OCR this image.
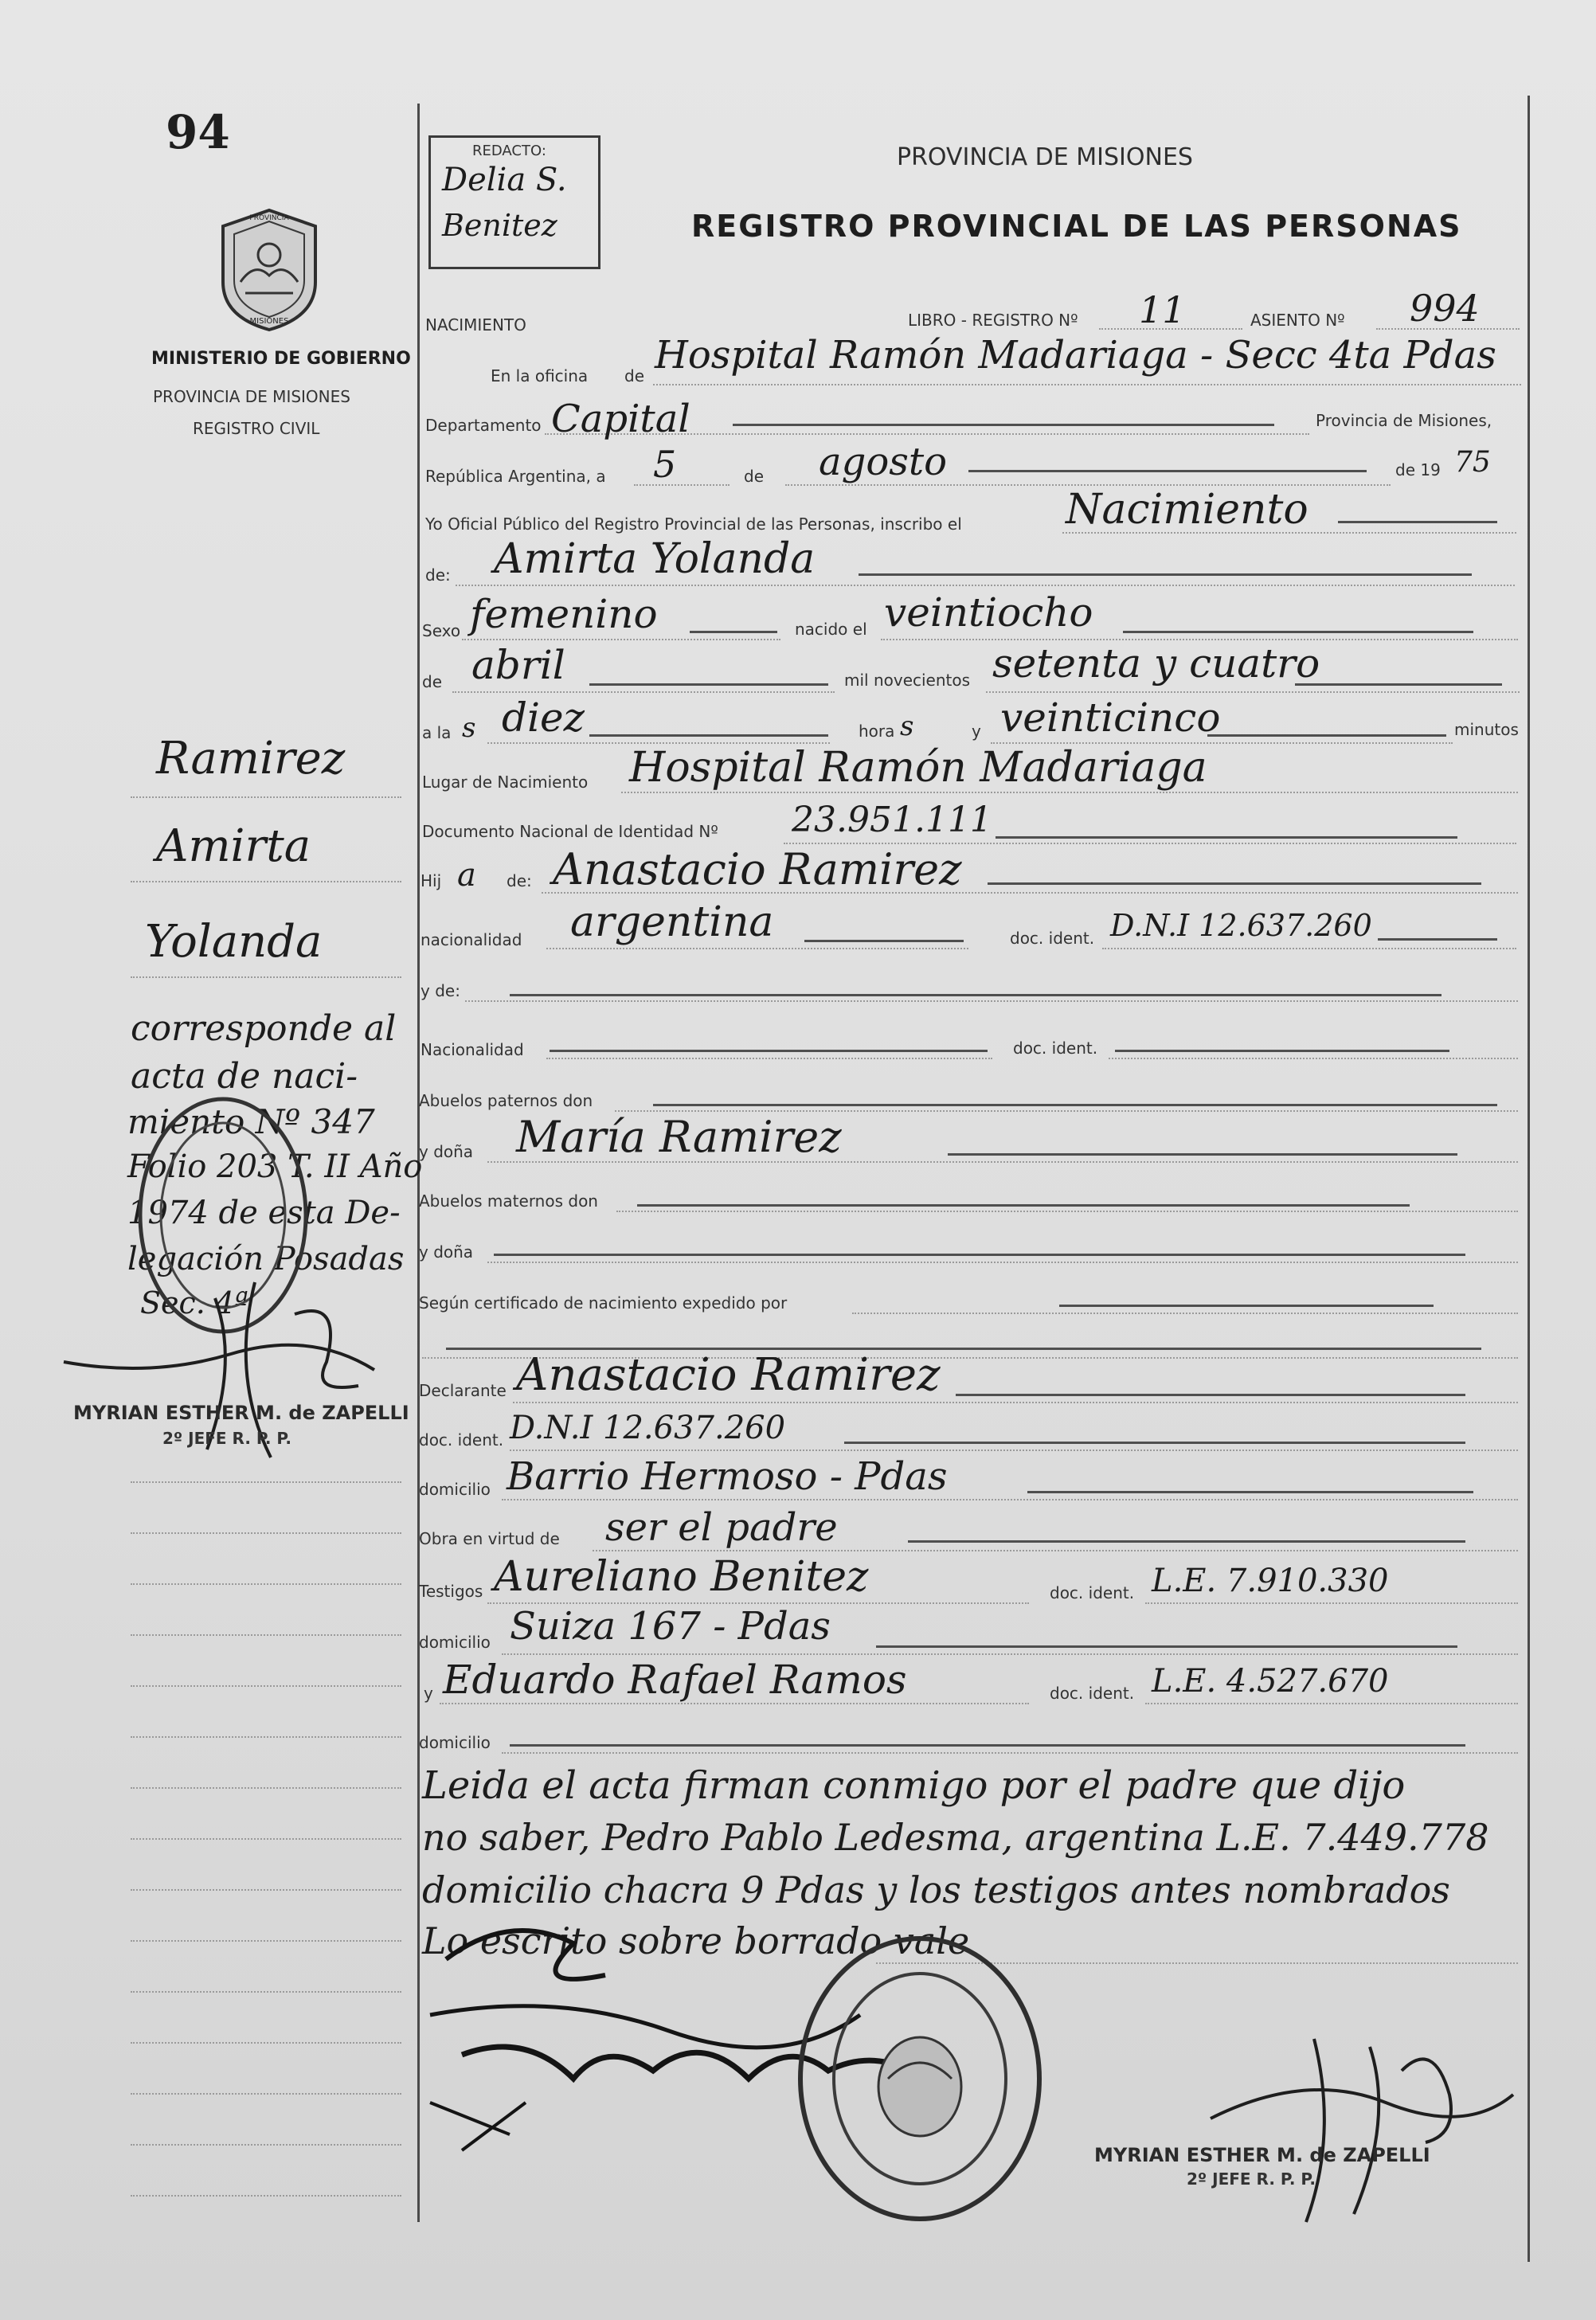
94
PROVINCIA
MISIONES
MINISTERIO DE GOBIERNO
PROVINCIA DE MISIONES
REGISTRO CIVIL
REDACTO:
Delia S.
Benitez
PROVINCIA DE MISIONES
REGISTRO PROVINCIAL DE LAS PERSONAS
NACIMIENTO	LIBRO - REGISTRO Nº 11	ASIENTO Nº 994
En la oficina de Hospital Ramón Madariaga - Secc 4ta Pdas
Departamento Capital	Provincia de Misiones,
República Argentina, a 5	de agosto	de 19 75
Yo Oficial Público del Registro Provincial de las Personas, inscribo el	Nacimiento
de: Amirta Yolanda
Sexo femenino	nacido el veintiocho
de abril	mil novecientos setenta y cuatro
a la s diez	hora s	y veinticinco	minutos
Lugar de Nacimiento Hospital Ramón Madariaga
Documento Nacional de Identidad Nº 23.951.111
Hij a de: Anastacio Ramirez
nacionalidad argentina	doc. ident. D.N.I 12.637.260
y de:
Nacionalidad	doc. ident.
Abuelos paternos don
y doña María Ramirez
Abuelos maternos don
y doña
Según certificado de nacimiento expedido por
Declarante Anastacio Ramirez
doc. ident. D.N.I 12.637.260
domicilio Barrio Hermoso - Pdas
Obra en virtud de ser el padre
Testigos Aureliano Benitez	doc. ident. L.E. 7.910.330
domicilio Suiza 167 - Pdas
y Eduardo Rafael Ramos	doc. ident. L.E. 4.527.670
domicilio
Leida el acta firman conmigo por el padre que dijo
no saber, Pedro Pablo Ledesma, argentina L.E. 7.449.778
domicilio chacra 9 Pdas y los testigos antes nombrados
Lo escrito sobre borrado vale
Ramirez
Amirta
Yolanda
corresponde al
acta de naci-
miento Nº 347
Folio 203 T. II Año
1974 de esta De-
legación Posadas
Sec. 4ª
MYRIAN ESTHER M. de ZAPELLI
2º JEFE R. P. P.
MYRIAN ESTHER M. de ZAPELLI
2º JEFE R. P. P.
